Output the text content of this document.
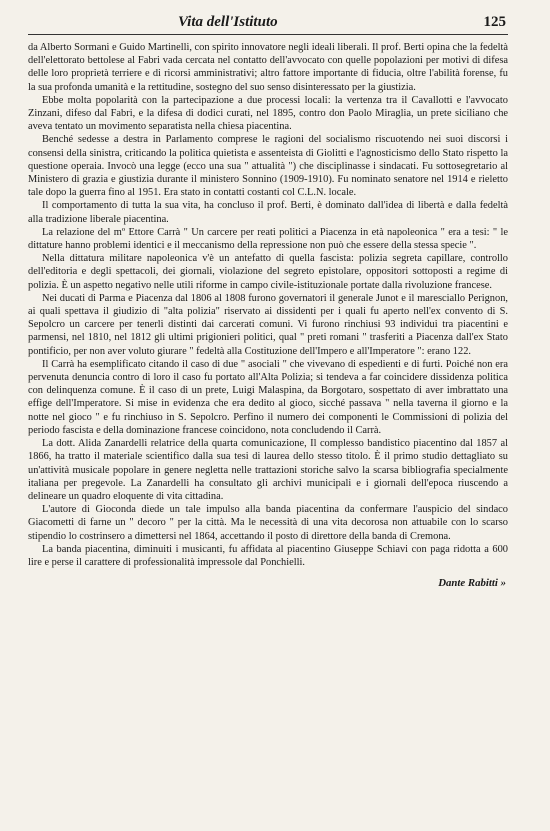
Vita dell'Istituto	125

da Alberto Sormani e Guido Martinelli, con spirito innovatore negli ideali liberali. Il prof. Berti opina che la fedeltà dell'elettorato bettolese al Fabri vada cercata nel contatto dell'avvocato con quelle popolazioni per motivi di difesa delle loro proprietà terriere e di ricorsi amministrativi; altro fattore importante di fiducia, oltre l'abilità forense, fu la sua profonda umanità e la rettitudine, sostegno del suo senso disinteressato per la giustizia.

Ebbe molta popolarità con la partecipazione a due processi locali: la vertenza tra il Cavallotti e l'avvocato Zinzani, difeso dal Fabri, e la difesa di dodici curati, nel 1895, contro don Paolo Miraglia, un prete siciliano che aveva tentato un movimento separatista nella chiesa piacentina.

Benché sedesse a destra in Parlamento comprese le ragioni del socialismo riscuotendo nei suoi discorsi i consensi della sinistra, criticando la politica quietista e assenteista di Giolitti e l'agnosticismo dello Stato rispetto la questione operaia. Invocò una legge (ecco una sua " attualità ") che disciplinasse i sindacati. Fu sottosegretario al Ministero di grazia e giustizia durante il ministero Sonnino (1909-1910). Fu nominato senatore nel 1914 e rieletto tale dopo la guerra fino al 1951. Era stato in contatti costanti col C.L.N. locale.

Il comportamento di tutta la sua vita, ha concluso il prof. Berti, è dominato dall'idea di libertà e dalla fedeltà alla tradizione liberale piacentina.

La relazione del mº Ettore Carrà " Un carcere per reati politici a Piacenza in età napoleonica " era a tesi: " le dittature hanno problemi identici e il meccanismo della repressione non può che essere della stessa specie ".

Nella dittatura militare napoleonica v'è un antefatto di quella fascista: polizia segreta capillare, controllo dell'editoria e degli spettacoli, dei giornali, violazione del segreto epistolare, oppositori sottoposti a regime di polizia. È un aspetto negativo nelle utili riforme in campo civile-istituzionale portate dalla rivoluzione francese.

Nei ducati di Parma e Piacenza dal 1806 al 1808 furono governatori il generale Junot e il maresciallo Perignon, ai quali spettava il giudizio di "alta polizia" riservato ai dissidenti per i quali fu aperto nell'ex convento di S. Sepolcro un carcere per tenerli distinti dai carcerati comuni. Vi furono rinchiusi 93 individui tra piacentini e parmensi, nel 1810, nel 1812 gli ultimi prigionieri politici, qual " preti romani " trasferiti a Piacenza dall'ex Stato pontificio, per non aver voluto giurare " fedeltà alla Costituzione dell'Impero e all'Imperatore ": erano 122.

Il Carrà ha esemplificato citando il caso di due " asociali " che vivevano di espedienti e di furti. Poiché non era pervenuta denuncia contro di loro il caso fu portato all'Alta Polizia; si tendeva a far coincidere dissidenza politica con delinquenza comune. È il caso di un prete, Luigi Malaspina, da Borgotaro, sospettato di aver imbrattato una effige dell'Imperatore. Si mise in evidenza che era dedito al gioco, sicché passava " nella taverna il giorno e la notte nel gioco " e fu rinchiuso in S. Sepolcro. Perfino il numero dei componenti le Commissioni di polizia del periodo fascista e della dominazione francese coincidono, nota concludendo il Carrà.

La dott. Alida Zanardelli relatrice della quarta comunicazione, Il complesso bandistico piacentino dal 1857 al 1866, ha tratto il materiale scientifico dalla sua tesi di laurea dello stesso titolo. È il primo studio dettagliato su un'attività musicale popolare in genere negletta nelle trattazioni storiche salvo la scarsa bibliografia specialmente italiana per pregevole. La Zanardelli ha consultato gli archivi municipali e i giornali dell'epoca riuscendo a delineare un quadro eloquente di vita cittadina.

L'autore di Gioconda diede un tale impulso alla banda piacentina da confermare l'auspicio del sindaco Giacometti di farne un " decoro " per la città. Ma le necessità di una vita decorosa non attuabile con lo scarso stipendio lo costrinsero a dimettersi nel 1864, accettando il posto di direttore della banda di Cremona.

La banda piacentina, diminuiti i musicanti, fu affidata al piacentino Giuseppe Schiavi con paga ridotta a 600 lire e perse il carattere di professionalità impressole dal Ponchielli.

Dante Rabitti »
